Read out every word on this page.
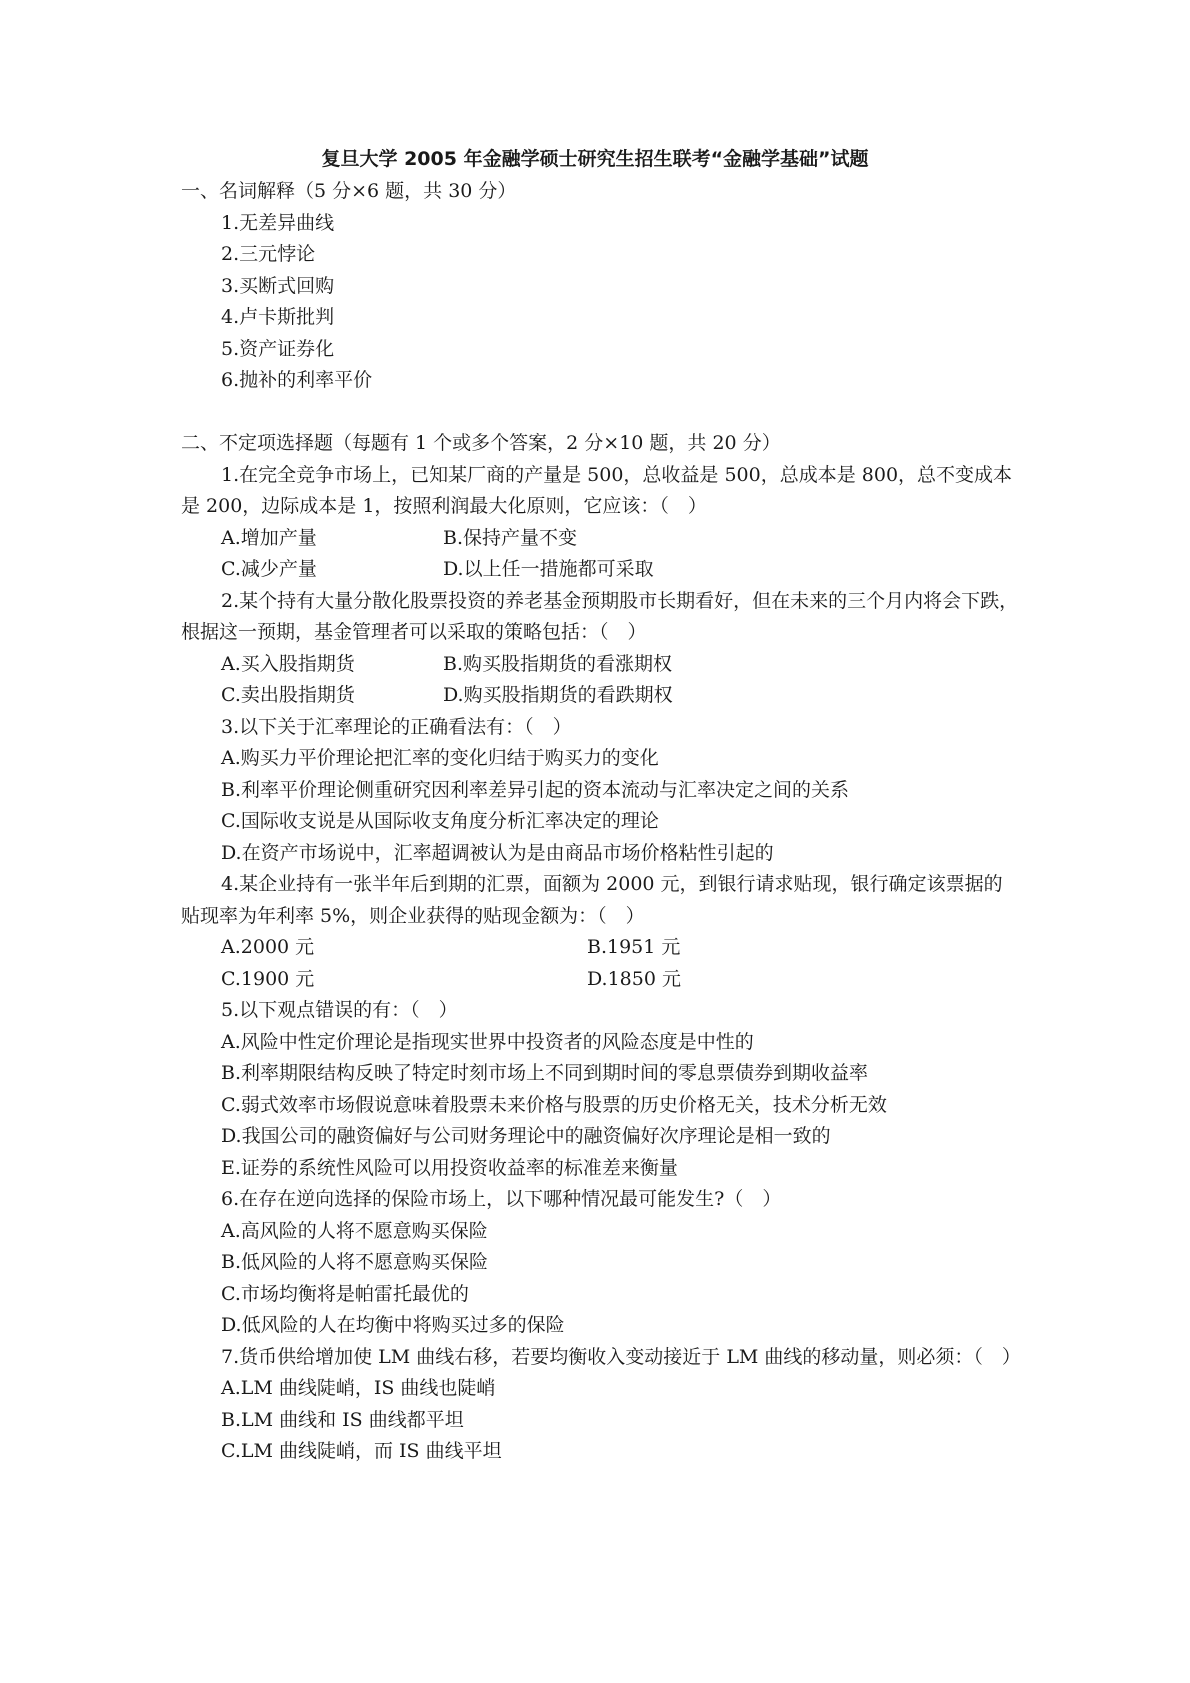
复旦大学 2005 年金融学硕士研究生招生联考“金融学基础”试题
一、名词解释（5 分×6 题，共 30 分）
1.无差异曲线
2.三元悖论
3.买断式回购
4.卢卡斯批判
5.资产证券化
6.抛补的利率平价
二、不定项选择题（每题有 1 个或多个答案，2 分×10 题，共 20 分）
1.在完全竞争市场上，已知某厂商的产量是 500，总收益是 500，总成本是 800，总不变成本是 200，边际成本是 1，按照利润最大化原则，它应该：（　）
A.增加产量	B.保持产量不变
C.减少产量	D.以上任一措施都可采取
2.某个持有大量分散化股票投资的养老基金预期股市长期看好，但在未来的三个月内将会下跌，根据这一预期，基金管理者可以采取的策略包括：（　）
A.买入股指期货	B.购买股指期货的看涨期权
C.卖出股指期货	D.购买股指期货的看跌期权
3.以下关于汇率理论的正确看法有：（　）
A.购买力平价理论把汇率的变化归结于购买力的变化
B.利率平价理论侧重研究因利率差异引起的资本流动与汇率决定之间的关系
C.国际收支说是从国际收支角度分析汇率决定的理论
D.在资产市场说中，汇率超调被认为是由商品市场价格粘性引起的
4.某企业持有一张半年后到期的汇票，面额为 2000 元，到银行请求贴现，银行确定该票据的贴现率为年利率 5%，则企业获得的贴现金额为：（　）
A.2000 元	B.1951 元
C.1900 元	D.1850 元
5.以下观点错误的有：（　）
A.风险中性定价理论是指现实世界中投资者的风险态度是中性的
B.利率期限结构反映了特定时刻市场上不同到期时间的零息票债券到期收益率
C.弱式效率市场假说意味着股票未来价格与股票的历史价格无关，技术分析无效
D.我国公司的融资偏好与公司财务理论中的融资偏好次序理论是相一致的
E.证券的系统性风险可以用投资收益率的标准差来衡量
6.在存在逆向选择的保险市场上，以下哪种情况最可能发生?（　）
A.高风险的人将不愿意购买保险
B.低风险的人将不愿意购买保险
C.市场均衡将是帕雷托最优的
D.低风险的人在均衡中将购买过多的保险
7.货币供给增加使 LM 曲线右移，若要均衡收入变动接近于 LM 曲线的移动量，则必须：（　）
A.LM 曲线陡峭，IS 曲线也陡峭
B.LM 曲线和 IS 曲线都平坦
C.LM 曲线陡峭，而 IS 曲线平坦
